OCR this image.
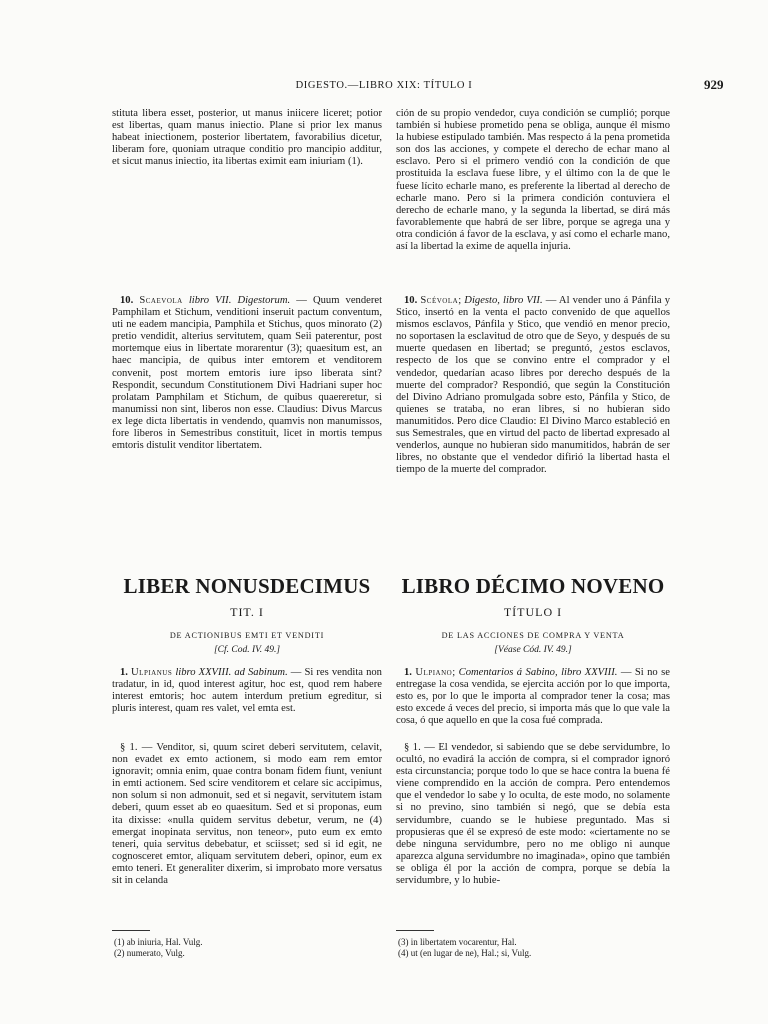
DIGESTO.—LIBRO XIX: TÍTULO I	929

stituta libera esset, posterior, ut manus iniicere liceret; potior est libertas, quam manus iniectio. Plane si prior lex manus habeat iniectionem, posterior libertatem, favorabilius dicetur, liberam fore, quoniam utraque conditio pro mancipio additur, et sicut manus iniectio, ita libertas eximit eam iniuriam (1).

10. Scaevola libro VII. Digestorum. — Quum venderet Pamphilam et Stichum, venditioni inseruit pactum conventum, uti ne eadem mancipia, Pamphila et Stichus, quos minorato (2) pretio vendidit, alterius servitutem, quam Seii paterentur, post mortemque eius in libertate morarentur (3); quaesitum est, an haec mancipia, de quibus inter emtorem et venditorem convenit, post mortem emtoris iure ipso liberata sint? Respondit, secundum Constitutionem Divi Hadriani super hoc prolatam Pamphilam et Stichum, de quibus quaereretur, si manumissi non sint, liberos non esse. Claudius: Divus Marcus ex lege dicta libertatis in vendendo, quamvis non manumissos, fore liberos in Semestribus constituit, licet in mortis tempus emtoris distulit venditor libertatem.

LIBER NONUSDECIMUS
TIT. I
DE ACTIONIBUS EMTI ET VENDITI
[Cf. Cod. IV. 49.]

1. Ulpianus libro XXVIII. ad Sabinum. — Si res vendita non tradatur, in id, quod interest agitur, hoc est, quod rem habere interest emtoris; hoc autem interdum pretium egreditur, si pluris interest, quam res valet, vel emta est.

§ 1. — Venditor, si, quum sciret deberi servitutem, celavit, non evadet ex emto actionem, si modo eam rem emtor ignoravit; omnia enim, quae contra bonam fidem fiunt, veniunt in emti actionem. Sed scire venditorem et celare sic accipimus, non solum si non admonuit, sed et si negavit, servitutem istam deberi, quum esset ab eo quaesitum. Sed et si proponas, eum ita dixisse: «nulla quidem servitus debetur, verum, ne (4) emergat inopinata servitus, non teneor», puto eum ex emto teneri, quia servitus debebatur, et sciisset; sed si id egit, ne cognosceret emtor, aliquam servitutem deberi, opinor, eum ex emto teneri. Et generaliter dixerim, si improbato more versatus sit in celanda

(1) ab iniuria, Hal. Vulg.
(2) numerato, Vulg.

ción de su propio vendedor, cuya condición se cumplió; porque también si hubiese prometido pena se obliga, aunque él mismo la hubiese estipulado también. Mas respecto á la pena prometida son dos las acciones, y compete el derecho de echar mano al esclavo. Pero si el primero vendió con la condición de que prostituida la esclava fuese libre, y el último con la de que le fuese lícito echarle mano, es preferente la libertad al derecho de echarle mano. Pero si la primera condición contuviera el derecho de echarle mano, y la segunda la libertad, se dirá más favorablemente que habrá de ser libre, porque se agrega una y otra condición á favor de la esclava, y así como el echarle mano, así la libertad la exime de aquella injuria.

10. Scévola; Digesto, libro VII. — Al vender uno á Pánfila y Stico, insertó en la venta el pacto convenido de que aquellos mismos esclavos, Pánfila y Stico, que vendió en menor precio, no soportasen la esclavitud de otro que de Seyo, y después de su muerte quedasen en libertad; se preguntó, ¿estos esclavos, respecto de los que se convino entre el comprador y el vendedor, quedarían acaso libres por derecho después de la muerte del comprador? Respondió, que según la Constitución del Divino Adriano promulgada sobre esto, Pánfila y Stico, de quienes se trataba, no eran libres, si no hubieran sido manumitidos. Pero dice Claudio: El Divino Marco estableció en sus Semestrales, que en virtud del pacto de libertad expresado al venderlos, aunque no hubieran sido manumitidos, habrán de ser libres, no obstante que el vendedor difirió la libertad hasta el tiempo de la muerte del comprador.

LIBRO DÉCIMO NOVENO
TÍTULO I
DE LAS ACCIONES DE COMPRA Y VENTA
[Véase Cód. IV. 49.]

1. Ulpiano; Comentarios á Sabino, libro XXVIII. — Si no se entregase la cosa vendida, se ejercita acción por lo que importa, esto es, por lo que le importa al comprador tener la cosa; mas esto excede á veces del precio, si importa más que lo que vale la cosa, ó que aquello en que la cosa fué comprada.

§ 1. — El vendedor, si sabiendo que se debe servidumbre, lo ocultó, no evadirá la acción de compra, si el comprador ignoró esta circunstancia; porque todo lo que se hace contra la buena fé viene comprendido en la acción de compra. Pero entendemos que el vendedor lo sabe y lo oculta, de este modo, no solamente si no previno, sino también si negó, que se debía esta servidumbre, cuando se le hubiese preguntado. Mas si propusieras que él se expresó de este modo: «ciertamente no se debe ninguna servidumbre, pero no me obligo ni aunque aparezca alguna servidumbre no imaginada», opino que también se obliga él por la acción de compra, porque se debía la servidumbre, y lo hubie-

(3) in libertatem vocarentur, Hal.
(4) ut (en lugar de ne), Hal.; si, Vulg.
